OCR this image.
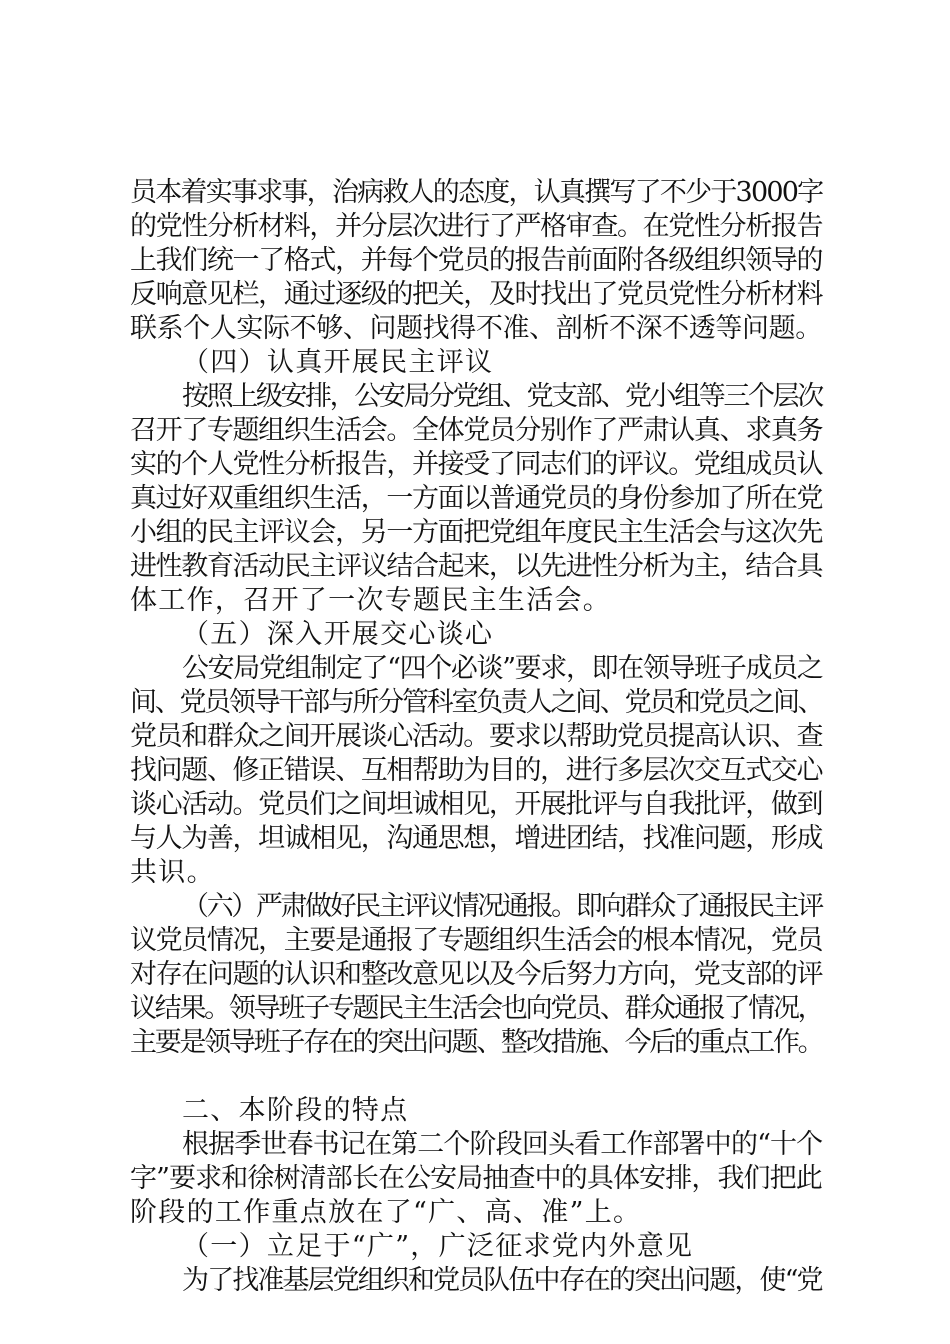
员本着实事求事，治病救人的态度，认真撰写了不少于3000字
的党性分析材料，并分层次进行了严格审查。在党性分析报告
上我们统一了格式，并每个党员的报告前面附各级组织领导的
反响意见栏，通过逐级的把关，及时找出了党员党性分析材料
联系个人实际不够、问题找得不准、剖析不深不透等问题。
（四）认真开展民主评议
按照上级安排，公安局分党组、党支部、党小组等三个层次
召开了专题组织生活会。全体党员分别作了严肃认真、求真务
实的个人党性分析报告，并接受了同志们的评议。党组成员认
真过好双重组织生活，一方面以普通党员的身份参加了所在党
小组的民主评议会，另一方面把党组年度民主生活会与这次先
进性教育活动民主评议结合起来，以先进性分析为主，结合具
体工作，召开了一次专题民主生活会。
（五）深入开展交心谈心
公安局党组制定了“四个必谈”要求，即在领导班子成员之
间、党员领导干部与所分管科室负责人之间、党员和党员之间、
党员和群众之间开展谈心活动。要求以帮助党员提高认识、查
找问题、修正错误、互相帮助为目的，进行多层次交互式交心
谈心活动。党员们之间坦诚相见，开展批评与自我批评，做到
与人为善，坦诚相见，沟通思想，增进团结，找准问题，形成
共识。
（六）严肃做好民主评议情况通报。即向群众了通报民主评
议党员情况，主要是通报了专题组织生活会的根本情况，党员
对存在问题的认识和整改意见以及今后努力方向，党支部的评
议结果。领导班子专题民主生活会也向党员、群众通报了情况，
主要是领导班子存在的突出问题、整改措施、今后的重点工作。
二、本阶段的特点
根据季世春书记在第二个阶段回头看工作部署中的“十个
字”要求和徐树清部长在公安局抽查中的具体安排，我们把此
阶段的工作重点放在了“广、高、准”上。
（一）立足于“广”，广泛征求党内外意见
为了找准基层党组织和党员队伍中存在的突出问题，使“党
